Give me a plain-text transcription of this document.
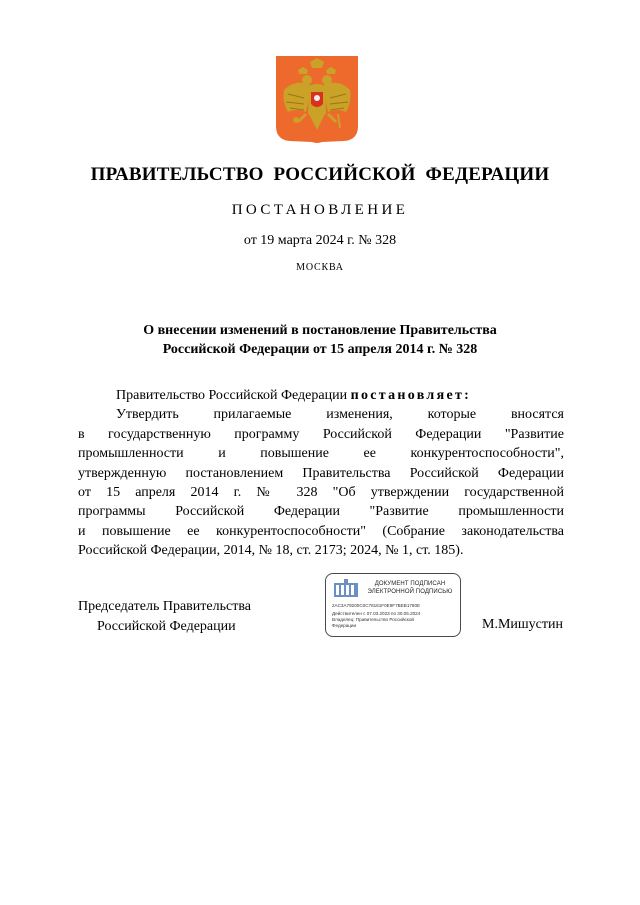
ПРАВИТЕЛЬСТВО РОССИЙСКОЙ ФЕДЕРАЦИИ
ПОСТАНОВЛЕНИЕ
от 19 марта 2024 г. № 328
МОСКВА
О внесении изменений в постановление Правительства
Российской Федерации от 15 апреля 2014 г. № 328
Правительство Российской Федерации постановляет:
Утвердить прилагаемые изменения, которые вносятся
в государственную программу Российской Федерации "Развитие
промышленности и повышение ее конкурентоспособности",
утвержденную постановлением Правительства Российской Федерации
от 15 апреля 2014 г. № 328 "Об утверждении государственной
программы Российской Федерации "Развитие промышленности
и повышение ее конкурентоспособности" (Собрание законодательства
Российской Федерации, 2014, № 18, ст. 2173; 2024, № 1, ст. 185).
Председатель Правительства
Российской Федерации
ДОКУМЕНТ ПОДПИСАН
ЭЛЕКТРОННОЙ ПОДПИСЬЮ
2AC3A79200C0C78181F0E9F7BEB1780E
Действителен с 07.03.2023 по 30.05.2024
Владелец: Правительство Российской
Федерации	М.Мишустин
